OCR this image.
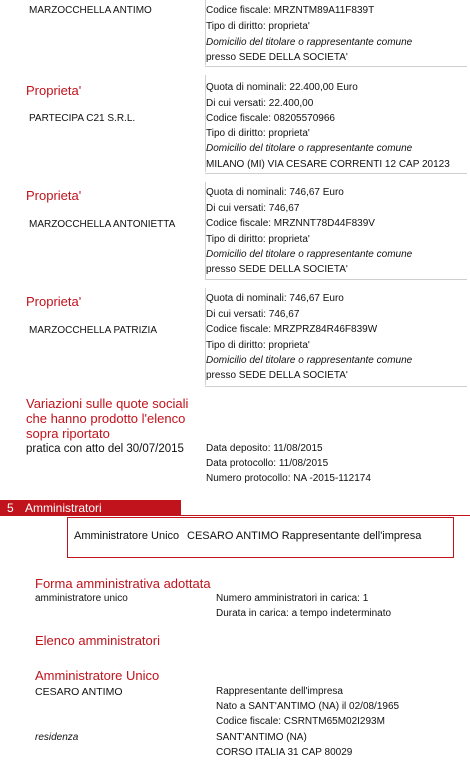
MARZOCCHELLA ANTIMO	Codice fiscale: MRZNTM89A11F839T
Tipo di diritto: proprieta'
Domicilio del titolare o rappresentante comune
presso SEDE DELLA SOCIETA'
Proprieta'
PARTECIPA C21 S.R.L.
Quota di nominali: 22.400,00 Euro
Di cui versati: 22.400,00
Codice fiscale: 08205570966
Tipo di diritto: proprieta'
Domicilio del titolare o rappresentante comune
MILANO (MI) VIA CESARE CORRENTI 12 CAP 20123
Proprieta'
MARZOCCHELLA ANTONIETTA
Quota di nominali: 746,67 Euro
Di cui versati: 746,67
Codice fiscale: MRZNNT78D44F839V
Tipo di diritto: proprieta'
Domicilio del titolare o rappresentante comune
presso SEDE DELLA SOCIETA'
Proprieta'
MARZOCCHELLA PATRIZIA
Quota di nominali: 746,67 Euro
Di cui versati: 746,67
Codice fiscale: MRZPRZ84R46F839W
Tipo di diritto: proprieta'
Domicilio del titolare o rappresentante comune
presso SEDE DELLA SOCIETA'
Variazioni sulle quote sociali
che hanno prodotto l'elenco
sopra riportato
pratica con atto del 30/07/2015 Data deposito: 11/08/2015
Data protocollo: 11/08/2015
Numero protocollo: NA -2015-112174
5 Amministratori
Amministratore Unico CESARO ANTIMO Rappresentante dell'impresa
Forma amministrativa adottata
amministratore unico	Numero amministratori in carica: 1
Durata in carica: a tempo indeterminato
Elenco amministratori
Amministratore Unico
CESARO ANTIMO
residenza
Rappresentante dell'impresa
Nato a SANT'ANTIMO (NA) il 02/08/1965
Codice fiscale: CSRNTM65M02I293M
SANT'ANTIMO (NA)
CORSO ITALIA 31 CAP 80029
